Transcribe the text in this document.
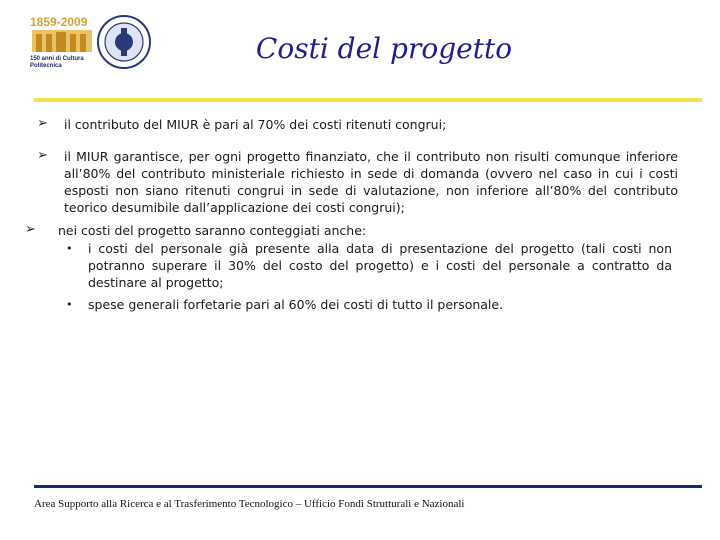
1859-2009
150 anni di Cultura
Politecnica
Costi del progetto
➢ il contributo del MIUR è pari al 70% dei costi ritenuti congrui;
➢ il MIUR garantisce, per ogni progetto finanziato, che il contributo non risulti comunque inferiore all’80% del contributo ministeriale richiesto in sede di domanda (ovvero nel caso in cui i costi esposti non siano ritenuti congrui in sede di valutazione, non inferiore all’80% del contributo teorico desumibile dall’applicazione dei costi congrui);
➢ nei costi del progetto saranno conteggiati anche:
• i costi del personale già presente alla data di presentazione del progetto (tali costi non potranno superare il 30% del costo del progetto) e i costi del personale a contratto da destinare al progetto;
• spese generali forfetarie pari al 60% dei costi di tutto il personale.
Area Supporto alla Ricerca e al Trasferimento Tecnologico – Ufficio Fondi Strutturali e Nazionali
